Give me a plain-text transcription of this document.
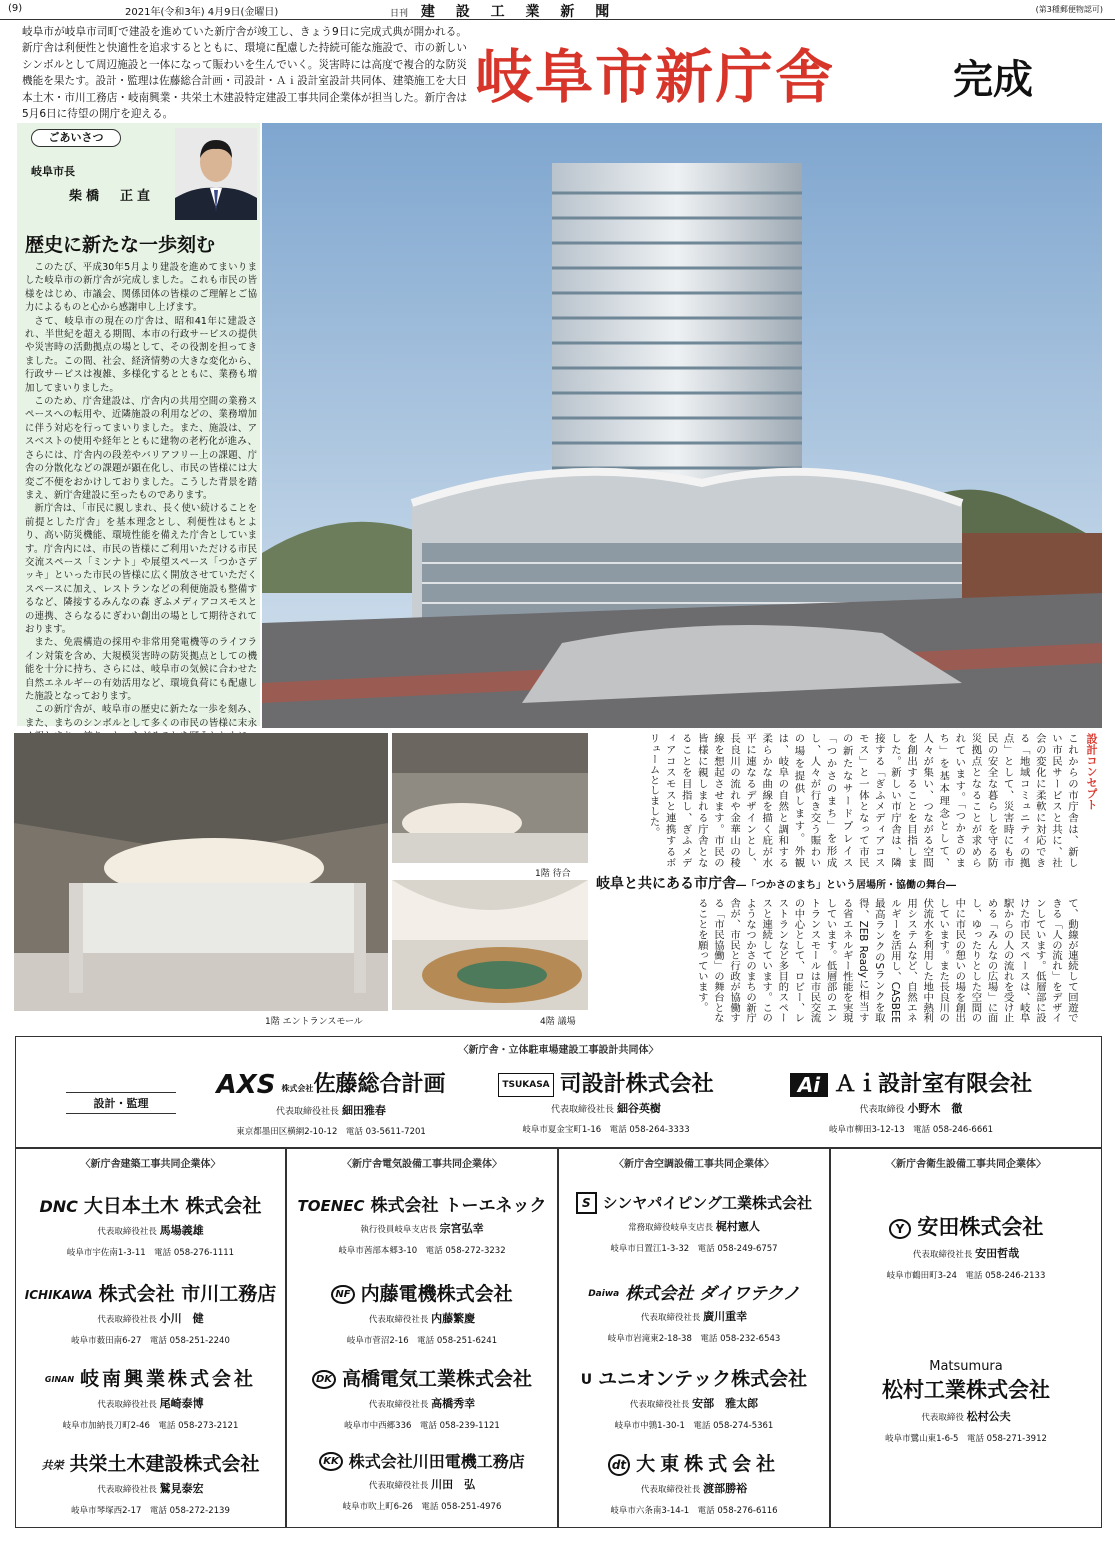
(9)	2021年(令和3年) 4月9日(金曜日)	日刊 建 設 工 業 新 聞	(第3種郵便物認可)
岐阜市が岐阜市司町で建設を進めていた新庁舎が竣工し、きょう9日に完成式典が開かれる。新庁舎は利便性と快適性を追求するとともに、環境に配慮した持続可能な施設で、市の新しいシンボルとして周辺施設と一体になって賑わいを生んでいく。災害時には高度で複合的な防災機能を果たす。設計・監理は佐藤総合計画・司設計・Ａｉ設計室設計共同体、建築施工を大日本土木・市川工務店・岐南興業・共栄土木建設特定建設工事共同企業体が担当した。新庁舎は5月6日に待望の開庁を迎える。
岐阜市新庁舎	完成
ごあいさつ
岐阜市長
柴橋　正直
歴史に新たな一歩刻む

このたび、平成30年5月より建設を進めてまいりました岐阜市の新庁舎が完成しました。これも市民の皆様をはじめ、市議会、関係団体の皆様のご理解とご協力によるものと心から感謝申し上げます。

さて、岐阜市の現在の庁舎は、昭和41年に建設され、半世紀を超える期間、本市の行政サービスの提供や災害時の活動拠点の場として、その役割を担ってきました。この間、社会、経済情勢の大きな変化から、行政サービスは複雑、多様化するとともに、業務も増加してまいりました。

このため、庁舎建設は、庁舎内の共用空間の業務スペースへの転用や、近隣施設の利用などの、業務増加に伴う対応を行ってまいりました。また、施設は、アスベストの使用や経年とともに建物の老朽化が進み、さらには、庁舎内の段差やバリアフリー上の課題、庁舎の分散化などの課題が顕在化し、市民の皆様には大変ご不便をおかけしておりました。こうした背景を踏まえ、新庁舎建設に至ったものであります。

新庁舎は、「市民に親しまれ、長く使い続けることを前提とした庁舎」を基本理念とし、利便性はもとより、高い防災機能、環境性能を備えた庁舎としています。庁舎内には、市民の皆様にご利用いただける市民交流スペース「ミンナト」や展望スペース「つかさデッキ」といった市民の皆様に広く開放させていただくスペースに加え、レストランなどの利便施設も整備するなど、隣接するみんなの森 ぎふメディアコスモスとの連携、さらなるにぎわい創出の場として期待されております。

また、免震構造の採用や非常用発電機等のライフライン対策を含め、大規模災害時の防災拠点としての機能を十分に持ち、さらには、岐阜市の気候に合わせた自然エネルギーの有効活用など、環境負荷にも配慮した施設となっております。

この新庁舎が、岐阜市の歴史に新たな一歩を刻み、また、まちのシンボルとして多くの市民の皆様に末永

1階 エントランスモール
1階 待合
4階 議場
設計コンセプト
これからの市庁舎は、新しい市民サービスと共に、社会の変化に柔軟に対応できる「地域コミュニティの拠点」として、災害時にも市民の安全な暮らしを守る防災拠点となることが求められています。「つかさのまち」を基本理念として、人々が集い、つながる空間を創出することを目指しました。新しい市庁舎は、隣接する「ぎふメディアコスモス」と一体となって市民の新たなサードプレイス「つかさのまち」を形成し、人々が行き交う賑わいの場を提供します。外観は、岐阜の自然と調和する柔らかな曲線を描く庇が水平に連なるデザインとし、長良川の流れや金華山の稜線を想起させます。市民の皆様に親しまれる庁舎となることを目指し、ぎふメディアコスモスと連携するボリュームとしました。
岐阜と共にある市庁舎―「つかさのまち」という居場所・協働の舞台―
て、動線が連続して回遊できる「人の流れ」をデザインしています。低層部に設けた市民スペースは、岐阜駅からの人の流れを受け止める「みんなの広場」に面し、ゆったりとした空間の中に市民の憩いの場を創出しています。また長良川の伏流水を利用した地中熱利用システムなど、自然エネルギーを活用し、CASBEE最高ランクのSランクを取得、ZEB Readyに相当する省エネルギー性能を実現しています。低層部のエントランスモールは市民交流の中心として、ロビー、レストランなど多目的スペースと連続しています。このようなつかさのまちの新庁舎が、市民と行政が協働する「市民協働」の舞台となることを願っています。
〈新庁舎・立体駐車場建設工事設計共同体〉
設計・監理
AXS 株式会社佐藤総合計画
代表取締役社長 細田雅春
東京都墨田区横網2-10-12　電話 03-5611-7201
TSUKASA 司設計株式会社
代表取締役社長 細谷英樹
岐阜市夏金宝町1-16　電話 058-264-3333
Ai Ａｉ設計室有限会社
代表取締役 小野木　徹
岐阜市柳田3-12-13　電話 058-246-6661
〈新庁舎建築工事共同企業体〉
DNC 大日本土木 株式会社
代表取締役社長 馬場義雄
岐阜市宇佐南1-3-11　電話 058-276-1111
ICHIKAWA 株式会社 市川工務店
代表取締役社長 小川　健
岐阜市薮田南6-27　電話 058-251-2240
GINAN 岐南興業株式会社
代表取締役社長 尾崎泰博
岐阜市加納長刀町2-46　電話 058-273-2121
共栄 共栄土木建設株式会社
代表取締役社長 鷲見泰宏
岐阜市琴塚西2-17　電話 058-272-2139
〈新庁舎電気設備工事共同企業体〉
TOENEC 株式会社 トーエネック
執行役員岐阜支店長 宗宮弘幸
岐阜市茜部本郷3-10　電話 058-272-3232
NF 内藤電機株式会社
代表取締役社長 内藤繁慶
岐阜市菅沼2-16　電話 058-251-6241
DK 高橋電気工業株式会社
代表取締役社長 高橋秀幸
岐阜市中西郷336　電話 058-239-1121
KK 株式会社川田電機工務店
代表取締役社長 川田　弘
岐阜市吹上町6-26　電話 058-251-4976
〈新庁舎空調設備工事共同企業体〉
S シンヤパイピング工業株式会社
常務取締役岐阜支店長 梶村憲人
岐阜市日置江1-3-32　電話 058-249-6757
Daiwa 株式会社 ダイワテクノ
代表取締役社長 廣川重幸
岐阜市岩滝東2-18-38　電話 058-232-6543
U ユニオンテック株式会社
代表取締役社長 安部　雅太郎
岐阜市中鶉1-30-1　電話 058-274-5361
dt 大東株式会社
代表取締役社長 渡部勝裕
岐阜市六条南3-14-1　電話 058-276-6116
〈新庁舎衛生設備工事共同企業体〉
Y 安田株式会社
代表取締役社長 安田哲哉
岐阜市鶴田町3-24　電話 058-246-2133
Matsumura
松村工業株式会社
代表取締役 松村公夫
岐阜市鷺山東1-6-5　電話 058-271-3912
